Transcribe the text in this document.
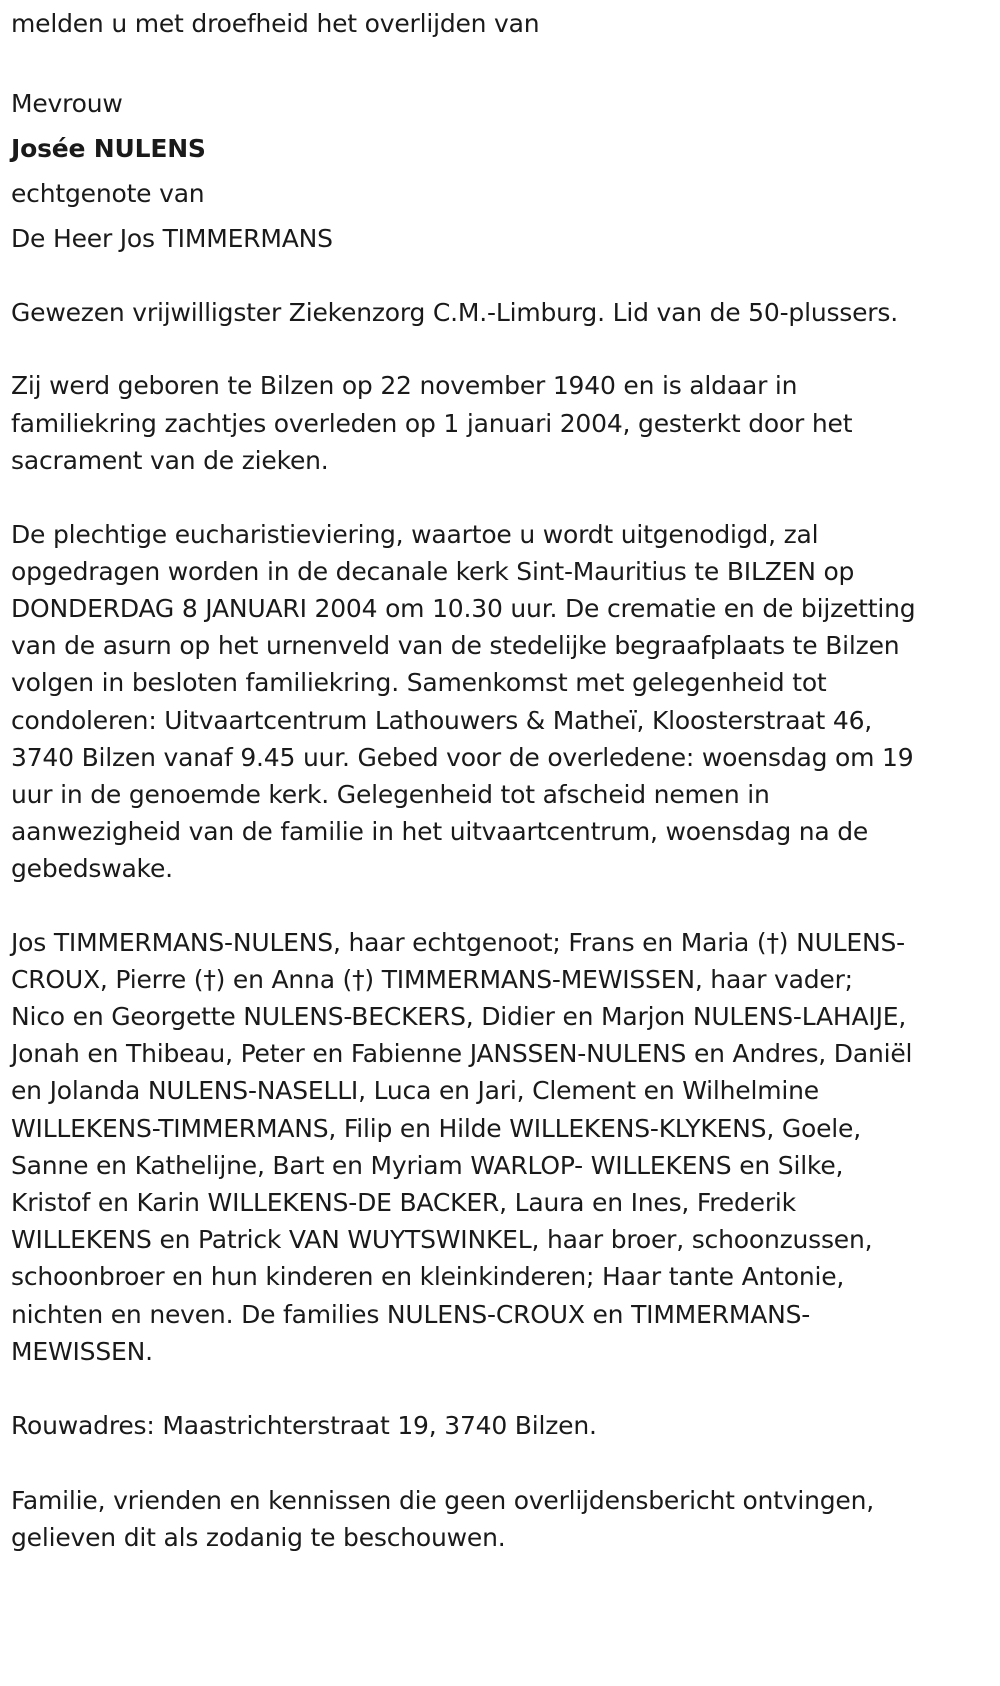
melden u met droefheid het overlijden van

Mevrouw

Josée NULENS

echtgenote van

De Heer Jos TIMMERMANS

Gewezen vrijwilligster Ziekenzorg C.M.-Limburg. Lid van de 50-plussers.

Zij werd geboren te Bilzen op 22 november 1940 en is aldaar in

familiekring zachtjes overleden op 1 januari 2004, gesterkt door het

sacrament van de zieken.

De plechtige eucharistieviering, waartoe u wordt uitgenodigd, zal

opgedragen worden in de decanale kerk Sint-Mauritius te BILZEN op

DONDERDAG 8 JANUARI 2004 om 10.30 uur. De crematie en de bijzetting

van de asurn op het urnenveld van de stedelijke begraafplaats te Bilzen

volgen in besloten familiekring. Samenkomst met gelegenheid tot

condoleren: Uitvaartcentrum Lathouwers & Matheï, Kloosterstraat 46,

3740 Bilzen vanaf 9.45 uur. Gebed voor de overledene: woensdag om 19

uur in de genoemde kerk. Gelegenheid tot afscheid nemen in

aanwezigheid van de familie in het uitvaartcentrum, woensdag na de

gebedswake.

Jos TIMMERMANS-NULENS, haar echtgenoot; Frans en Maria (†) NULENS-

CROUX, Pierre (†) en Anna (†) TIMMERMANS-MEWISSEN, haar vader;

Nico en Georgette NULENS-BECKERS, Didier en Marjon NULENS-LAHAIJE,

Jonah en Thibeau, Peter en Fabienne JANSSEN-NULENS en Andres, Daniël

en Jolanda NULENS-NASELLI, Luca en Jari, Clement en Wilhelmine

WILLEKENS-TIMMERMANS, Filip en Hilde WILLEKENS-KLYKENS, Goele,

Sanne en Kathelijne, Bart en Myriam WARLOP- WILLEKENS en Silke,

Kristof en Karin WILLEKENS-DE BACKER, Laura en Ines, Frederik

WILLEKENS en Patrick VAN WUYTSWINKEL, haar broer, schoonzussen,

schoonbroer en hun kinderen en kleinkinderen; Haar tante Antonie,

nichten en neven. De families NULENS-CROUX en TIMMERMANS-

MEWISSEN.

Rouwadres: Maastrichterstraat 19, 3740 Bilzen.

Familie, vrienden en kennissen die geen overlijdensbericht ontvingen,

gelieven dit als zodanig te beschouwen.
